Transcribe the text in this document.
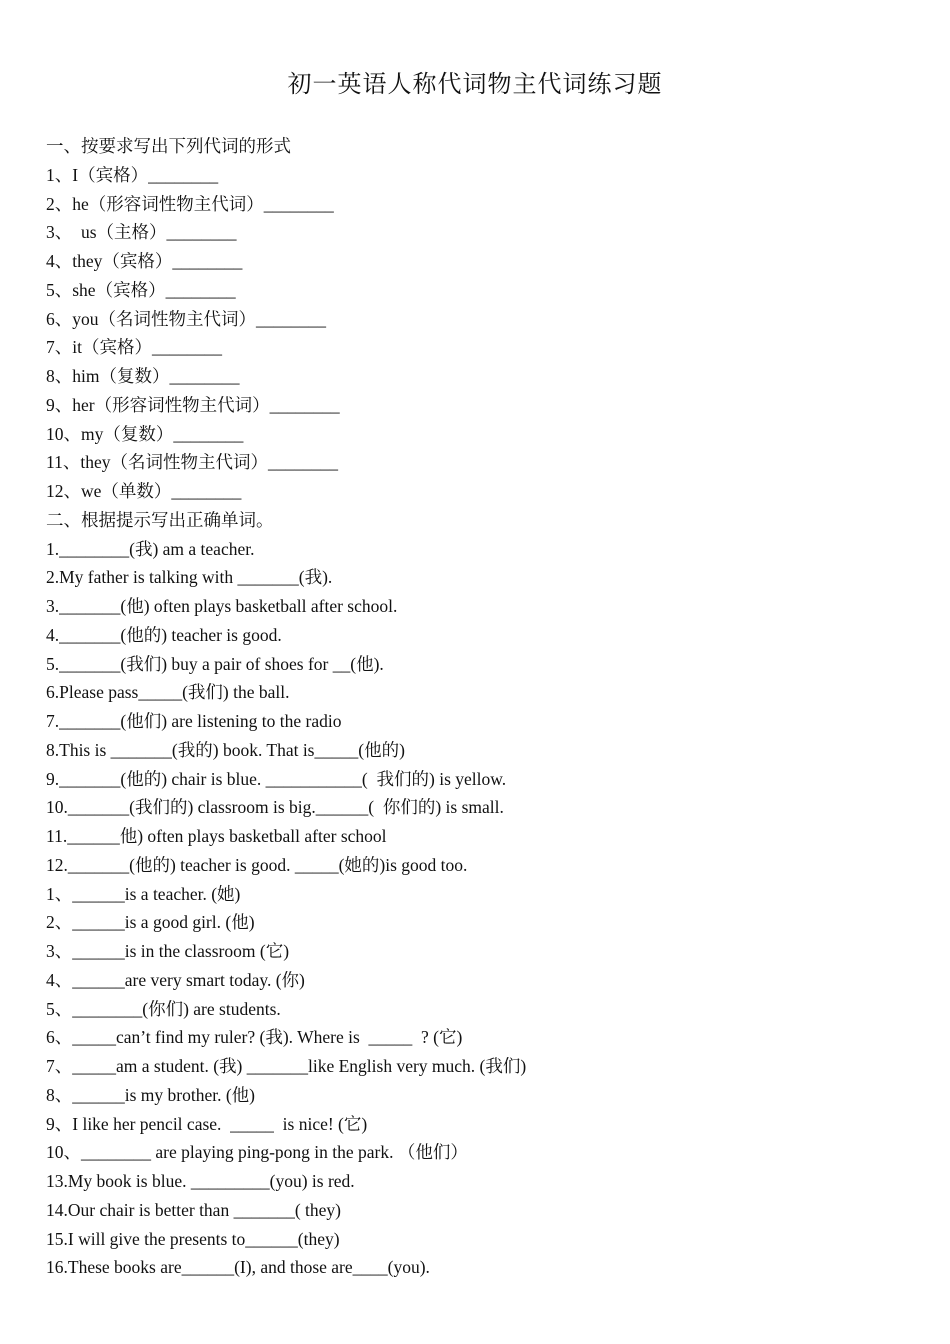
初一英语人称代词物主代词练习题
一、按要求写出下列代词的形式
1、I（宾格）________
2、he（形容词性物主代词）________
3、  us（主格）________
4、they（宾格）________
5、she（宾格）________
6、you（名词性物主代词）________
7、it（宾格）________
8、him（复数）________
9、her（形容词性物主代词）________
10、my（复数）________
11、they（名词性物主代词）________
12、we（单数）________
二、根据提示写出正确单词。
1.________(我) am a teacher.
2.My father is talking with _______(我).
3._______(他) often plays basketball after school.
4._______(他的) teacher is good.
5._______(我们) buy a pair of shoes for __(他).
6.Please pass_____(我们) the ball.
7._______(他们) are listening to the radio
8.This is _______(我的) book. That is_____(他的)
9._______(他的) chair is blue. ___________(  我们的) is yellow.
10._______(我们的) classroom is big.______(  你们的) is small.
11.______他) often plays basketball after school
12._______(他的) teacher is good. _____(她的)is good too.
1、______is a teacher. (她)
2、______is a good girl. (他)
3、______is in the classroom (它)
4、______are very smart today. (你)
5、________(你们) are students.
6、_____can’t find my ruler? (我). Where is  _____  ? (它)
7、_____am a student. (我) _______like English very much. (我们)
8、______is my brother. (他)
9、I like her pencil case.  _____  is nice! (它)
10、________ are playing ping-pong in the park. （他们）
13.My book is blue. _________(you) is red.
14.Our chair is better than _______( they)
15.I will give the presents to______(they)
16.These books are______(I), and those are____(you).
